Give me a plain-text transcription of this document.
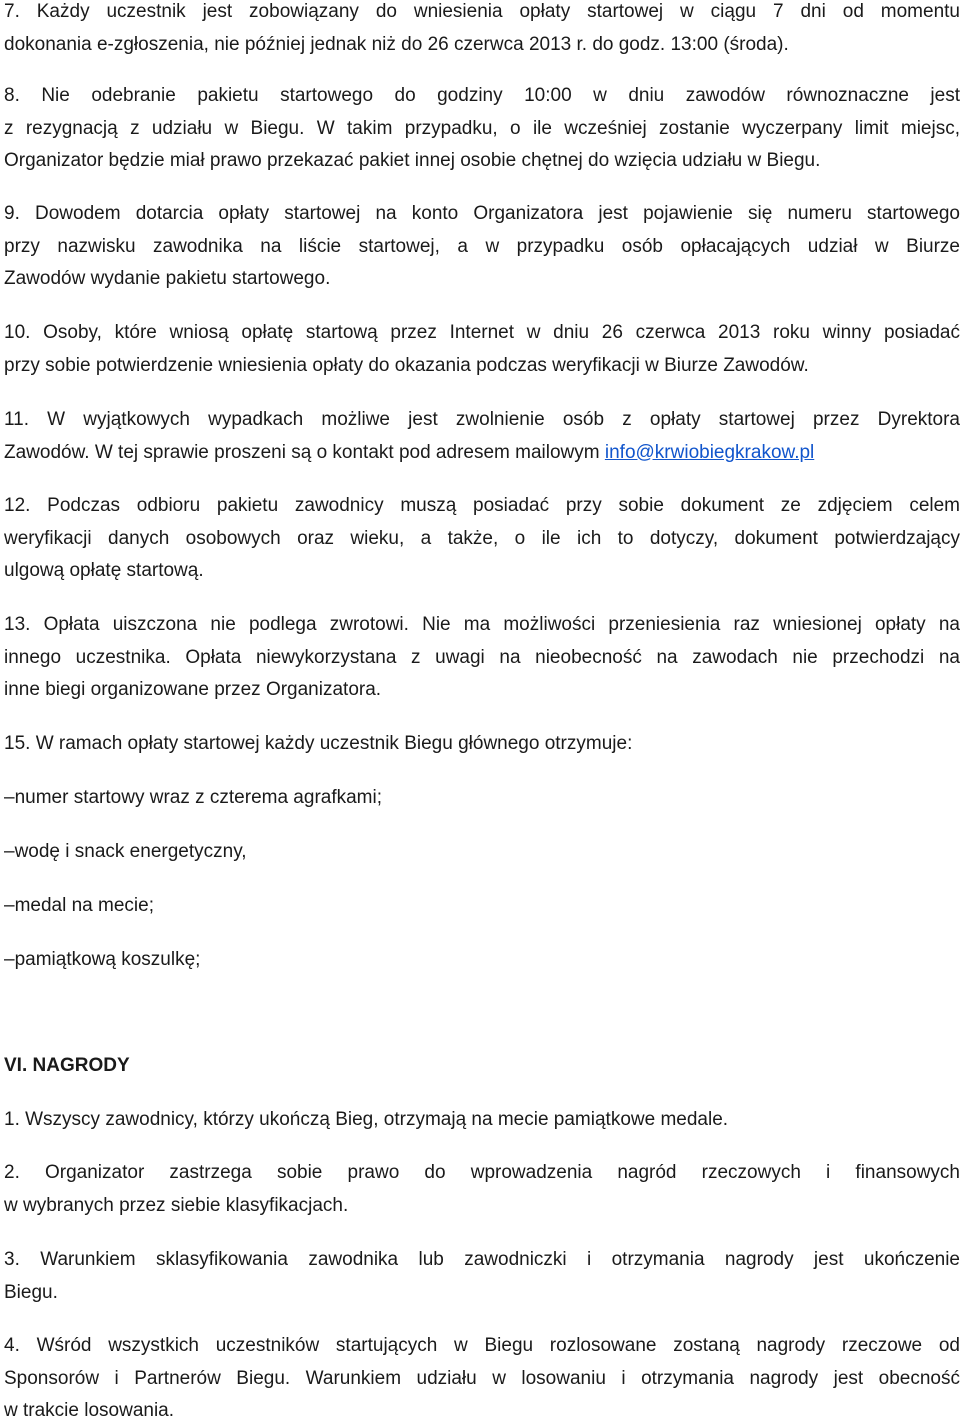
7. Każdy uczestnik jest zobowiązany do wniesienia opłaty startowej w ciągu 7 dni od momentu
dokonania e-zgłoszenia, nie później jednak niż do 26 czerwca 2013 r. do godz. 13:00 (środa).
8. Nie odebranie pakietu startowego do godziny 10:00 w dniu zawodów równoznaczne jest
z rezygnacją z udziału w Biegu. W takim przypadku, o ile wcześniej zostanie wyczerpany limit miejsc,
Organizator będzie miał prawo przekazać pakiet innej osobie chętnej do wzięcia udziału w Biegu.
9. Dowodem dotarcia opłaty startowej na konto Organizatora jest pojawienie się numeru startowego
przy nazwisku zawodnika na liście startowej, a w przypadku osób opłacających udział w Biurze
Zawodów wydanie pakietu startowego.
10. Osoby, które wniosą opłatę startową przez Internet w dniu 26 czerwca 2013 roku winny posiadać
przy sobie potwierdzenie wniesienia opłaty do okazania podczas weryfikacji w Biurze Zawodów.
11. W wyjątkowych wypadkach możliwe jest zwolnienie osób z opłaty startowej przez Dyrektora
Zawodów. W tej sprawie proszeni są o kontakt pod adresem mailowym info@krwiobiegkrakow.pl
12. Podczas odbioru pakietu zawodnicy muszą posiadać przy sobie dokument ze zdjęciem celem
weryfikacji danych osobowych oraz wieku, a także, o ile ich to dotyczy, dokument potwierdzający
ulgową opłatę startową.
13. Opłata uiszczona nie podlega zwrotowi. Nie ma możliwości przeniesienia raz wniesionej opłaty na
innego uczestnika. Opłata niewykorzystana z uwagi na nieobecność na zawodach nie przechodzi na
inne biegi organizowane przez Organizatora.
15. W ramach opłaty startowej każdy uczestnik Biegu głównego otrzymuje:
–numer startowy wraz z czterema agrafkami;
–wodę i snack energetyczny,
–medal na mecie;
–pamiątkową koszulkę;
VI. NAGRODY
1. Wszyscy zawodnicy, którzy ukończą Bieg, otrzymają na mecie pamiątkowe medale.
2. Organizator zastrzega sobie prawo do wprowadzenia nagród rzeczowych i finansowych
w wybranych przez siebie klasyfikacjach.
3. Warunkiem sklasyfikowania zawodnika lub zawodniczki i otrzymania nagrody jest ukończenie
Biegu.
4. Wśród wszystkich uczestników startujących w Biegu rozlosowane zostaną nagrody rzeczowe od
Sponsorów i Partnerów Biegu. Warunkiem udziału w losowaniu i otrzymania nagrody jest obecność
w trakcie losowania.
